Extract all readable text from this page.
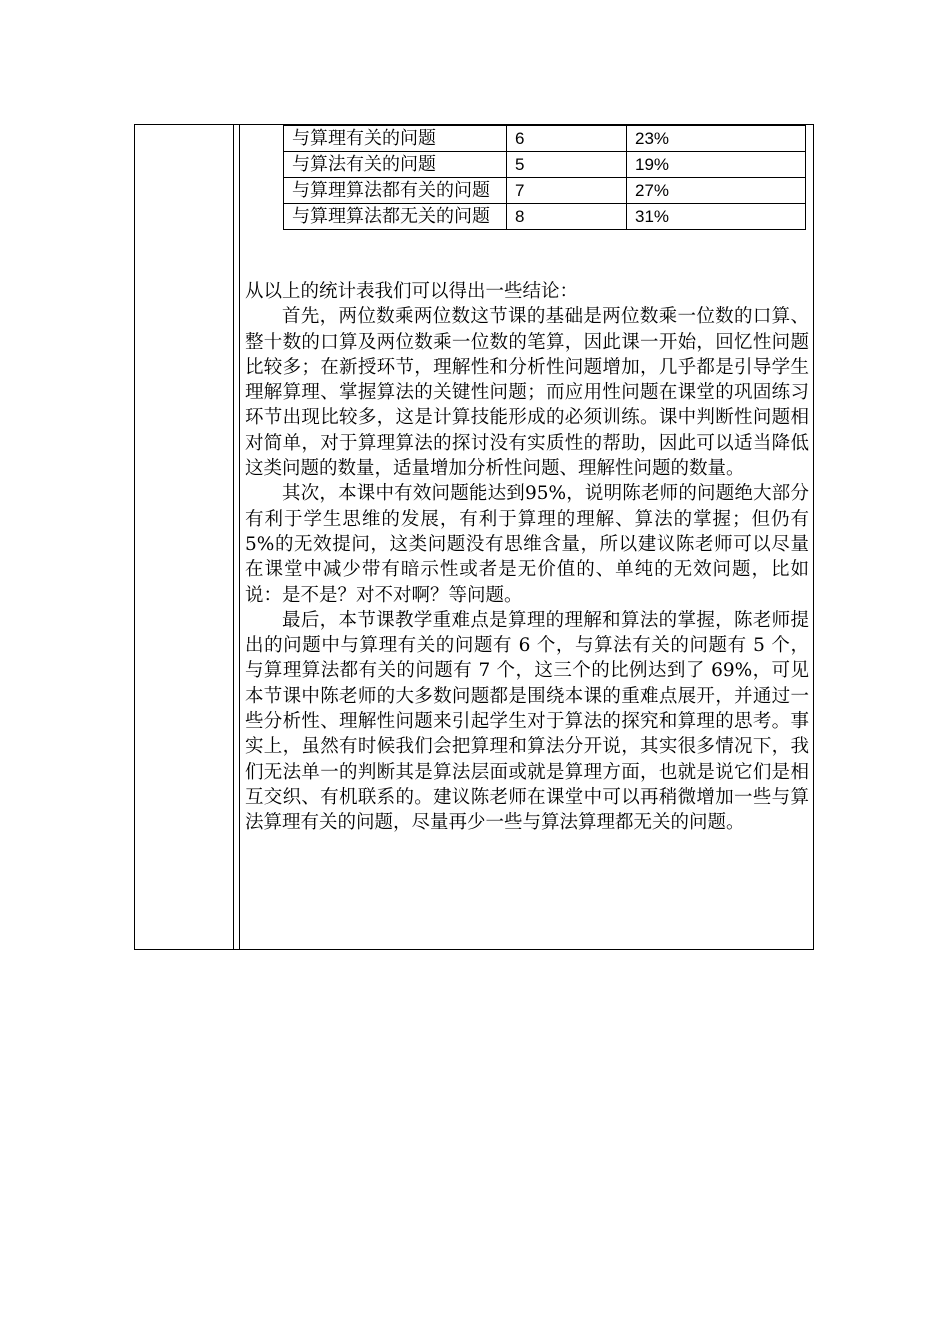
与算理有关的问题	6	23%
与算法有关的问题	5	19%
与算理算法都有关的问题	7	27%
与算理算法都无关的问题	8	31%

从以上的统计表我们可以得出一些结论：

首先，两位数乘两位数这节课的基础是两位数乘一位数的口算、整十数的口算及两位数乘一位数的笔算，因此课一开始，回忆性问题比较多；在新授环节，理解性和分析性问题增加，几乎都是引导学生理解算理、掌握算法的关键性问题；而应用性问题在课堂的巩固练习环节出现比较多，这是计算技能形成的必须训练。课中判断性问题相对简单，对于算理算法的探讨没有实质性的帮助，因此可以适当降低这类问题的数量，适量增加分析性问题、理解性问题的数量。

其次，本课中有效问题能达到95%，说明陈老师的问题绝大部分有利于学生思维的发展，有利于算理的理解、算法的掌握；但仍有5%的无效提问，这类问题没有思维含量，所以建议陈老师可以尽量在课堂中减少带有暗示性或者是无价值的、单纯的无效问题，比如说：是不是？对不对啊？等问题。

最后，本节课教学重难点是算理的理解和算法的掌握，陈老师提出的问题中与算理有关的问题有 6 个，与算法有关的问题有 5 个，与算理算法都有关的问题有 7 个，这三个的比例达到了 69%，可见本节课中陈老师的大多数问题都是围绕本课的重难点展开，并通过一些分析性、理解性问题来引起学生对于算法的探究和算理的思考。事实上，虽然有时候我们会把算理和算法分开说，其实很多情况下，我们无法单一的判断其是算法层面或就是算理方面，也就是说它们是相互交织、有机联系的。建议陈老师在课堂中可以再稍微增加一些与算法算理有关的问题，尽量再少一些与算法算理都无关的问题。
